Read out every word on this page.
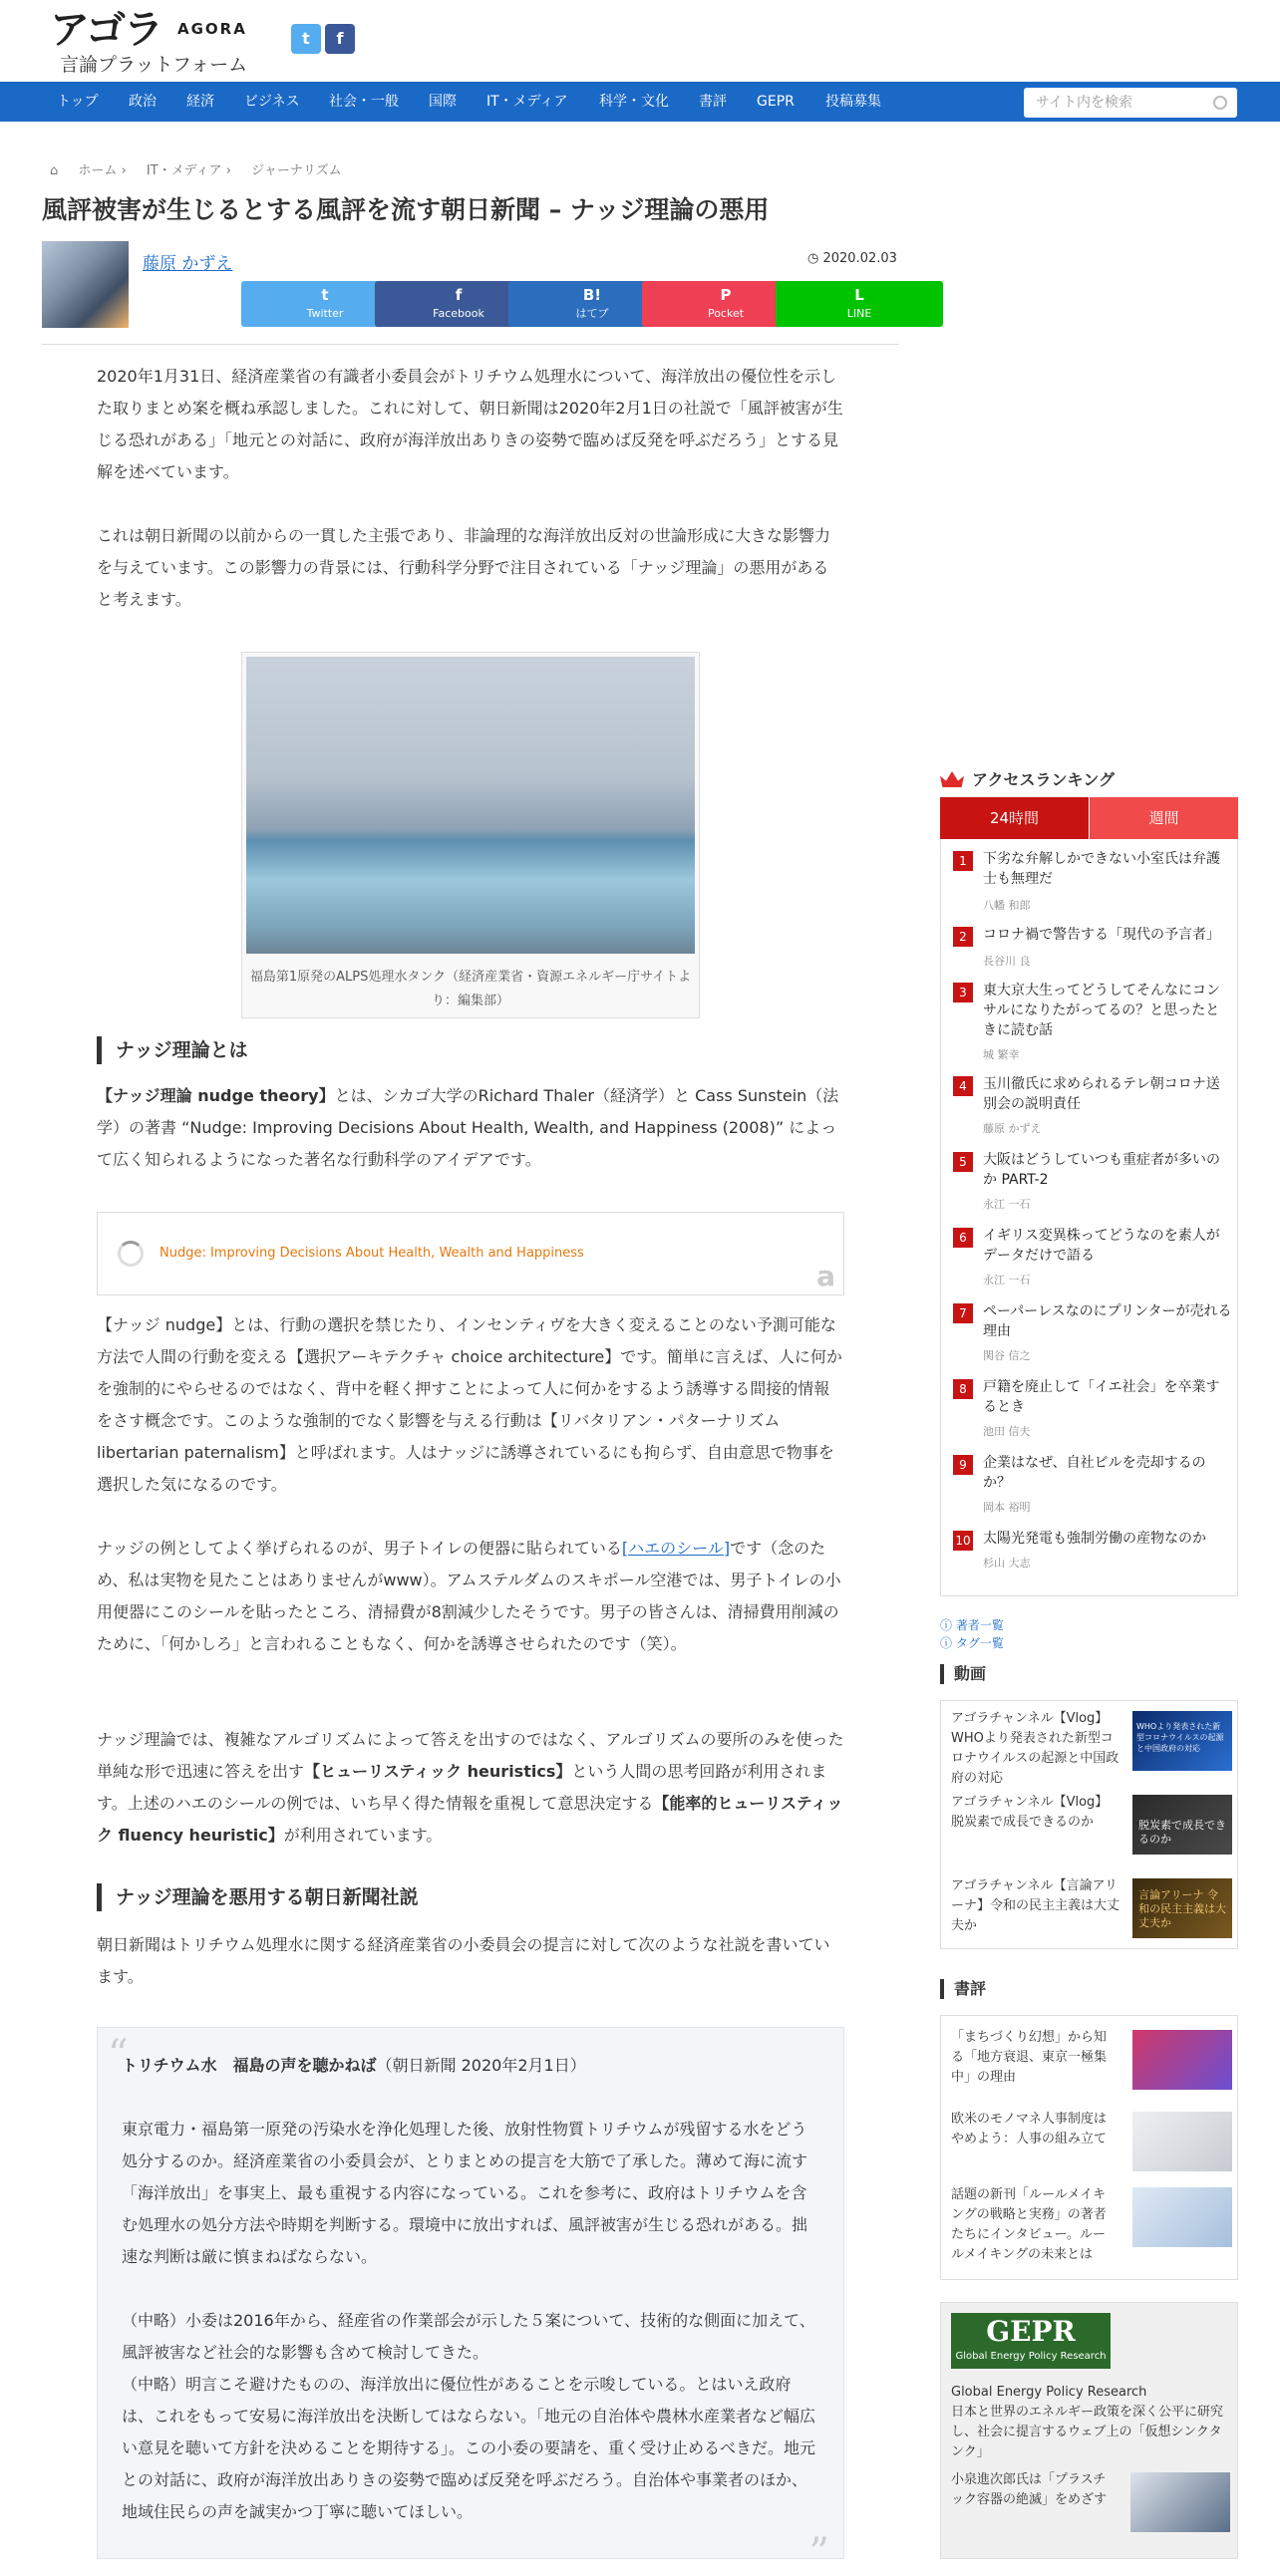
アゴラ AGORA
言論プラットフォーム
t f
トップ 政治 経済 ビジネス 社会・一般 国際 IT・メディア 科学・文化 書評 GEPR 投稿募集	サイト内を検索
⌂ ホーム › IT・メディア › ジャーナリズム
風評被害が生じるとする風評を流す朝日新聞 – ナッジ理論の悪用
藤原 かずえ	◷ 2020.02.03
t
Twitter
f
Facebook
B!
はてブ
P
Pocket
L
LINE

2020年1月31日、経済産業省の有識者小委員会がトリチウム処理水について、海洋放出の優位性を示した取りまとめ案を概ね承認しました。これに対して、朝日新聞は2020年2月1日の社説で「風評被害が生じる恐れがある」「地元との対話に、政府が海洋放出ありきの姿勢で臨めば反発を呼ぶだろう」とする見解を述べています。

これは朝日新聞の以前からの一貫した主張であり、非論理的な海洋放出反対の世論形成に大きな影響力を与えています。この影響力の背景には、行動科学分野で注目されている「ナッジ理論」の悪用があると考えます。

福島第1原発のALPS処理水タンク（経済産業省・資源エネルギー庁サイトより：編集部）
ナッジ理論とは

【ナッジ理論 nudge theory】とは、シカゴ大学のRichard Thaler（経済学）と Cass Sunstein（法学）の著書 “Nudge: Improving Decisions About Health, Wealth, and Happiness (2008)” によって広く知られるようになった著名な行動科学のアイデアです。

Nudge: Improving Decisions About Health, Wealth and Happiness
a

【ナッジ nudge】とは、行動の選択を禁じたり、インセンティヴを大きく変えることのない予測可能な方法で人間の行動を変える【選択アーキテクチャ choice architecture】です。簡単に言えば、人に何かを強制的にやらせるのではなく、背中を軽く押すことによって人に何かをするよう誘導する間接的情報をさす概念です。このような強制的でなく影響を与える行動は【リバタリアン・パターナリズム libertarian paternalism】と呼ばれます。人はナッジに誘導されているにも拘らず、自由意思で物事を選択した気になるのです。

ナッジの例としてよく挙げられるのが、男子トイレの便器に貼られている[ハエのシール]です（念のため、私は実物を見たことはありませんがwww）。アムステルダムのスキポール空港では、男子トイレの小用便器にこのシールを貼ったところ、清掃費が8割減少したそうです。男子の皆さんは、清掃費用削減のために、「何かしろ」と言われることもなく、何かを誘導させられたのです（笑）。

ナッジ理論では、複雑なアルゴリズムによって答えを出すのではなく、アルゴリズムの要所のみを使った単純な形で迅速に答えを出す【ヒューリスティック heuristics】という人間の思考回路が利用されます。上述のハエのシールの例では、いち早く得た情報を重視して意思決定する【能率的ヒューリスティック fluency heuristic】が利用されています。

ナッジ理論を悪用する朝日新聞社説

朝日新聞はトリチウム処理水に関する経済産業省の小委員会の提言に対して次のような社説を書いています。

“
トリチウム水　福島の声を聴かねば（朝日新聞 2020年2月1日）

東京電力・福島第一原発の汚染水を浄化処理した後、放射性物質トリチウムが残留する水をどう処分するのか。経済産業省の小委員会が、とりまとめの提言を大筋で了承した。薄めて海に流す「海洋放出」を事実上、最も重視する内容になっている。これを参考に、政府はトリチウムを含む処理水の処分方法や時期を判断する。環境中に放出すれば、風評被害が生じる恐れがある。拙速な判断は厳に慎まねばならない。

（中略）小委は2016年から、経産省の作業部会が示した５案について、技術的な側面に加えて、風評被害など社会的な影響も含めて検討してきた。

（中略）明言こそ避けたものの、海洋放出に優位性があることを示唆している。とはいえ政府は、これをもって安易に海洋放出を決断してはならない。「地元の自治体や農林水産業者など幅広い意見を聴いて方針を決めることを期待する」。この小委の要請を、重く受け止めるべきだ。地元との対話に、政府が海洋放出ありきの姿勢で臨めば反発を呼ぶだろう。自治体や事業者のほか、地域住民らの声を誠実かつ丁寧に聴いてほしい。

”
アクセスランキング
24時間	週間
1	下劣な弁解しかできない小室氏は弁護士も無理だ
八幡 和郎
2	コロナ禍で警告する「現代の予言者」
長谷川 良
3	東大京大生ってどうしてそんなにコンサルになりたがってるの？と思ったときに読む話
城 繁幸
4	玉川徹氏に求められるテレ朝コロナ送別会の説明責任
藤原 かずえ
5	大阪はどうしていつも重症者が多いのか PART-2
永江 一石
6	イギリス変異株ってどうなのを素人がデータだけで語る
永江 一石
7	ペーパーレスなのにプリンターが売れる理由
関谷 信之
8	戸籍を廃止して「イエ社会」を卒業するとき
池田 信夫
9	企業はなぜ、自社ビルを売却するのか？
岡本 裕明
10 太陽光発電も強制労働の産物なのか
杉山 大志
ⓘ 著者一覧
ⓘ タグ一覧
動画
アゴラチャンネル【Vlog】WHOより発表された新型コロナウイルスの起源と中国政府の対応
WHOより発表された新型コロナウイルスの起源と中国政府の対応
アゴラチャンネル【Vlog】脱炭素で成長できるのか	脱炭素で成長できるのか
アゴラチャンネル【言論アリーナ】令和の民主主義は大丈夫か
言論アリーナ 令和の民主主義は大丈夫か
書評
「まちづくり幻想」から知る「地方衰退、東京一極集中」の理由
欧米のモノマネ人事制度はやめよう：人事の組み立て
話題の新刊「ルールメイキングの戦略と実務」の著者たちにインタビュー。ルールメイキングの未来とは
GEPR
Global Energy Policy Research
Global Energy Policy Research
日本と世界のエネルギー政策を深く公平に研究し、社会に提言するウェブ上の「仮想シンクタンク」
小泉進次郎氏は「プラスチック容器の絶滅」をめざす
